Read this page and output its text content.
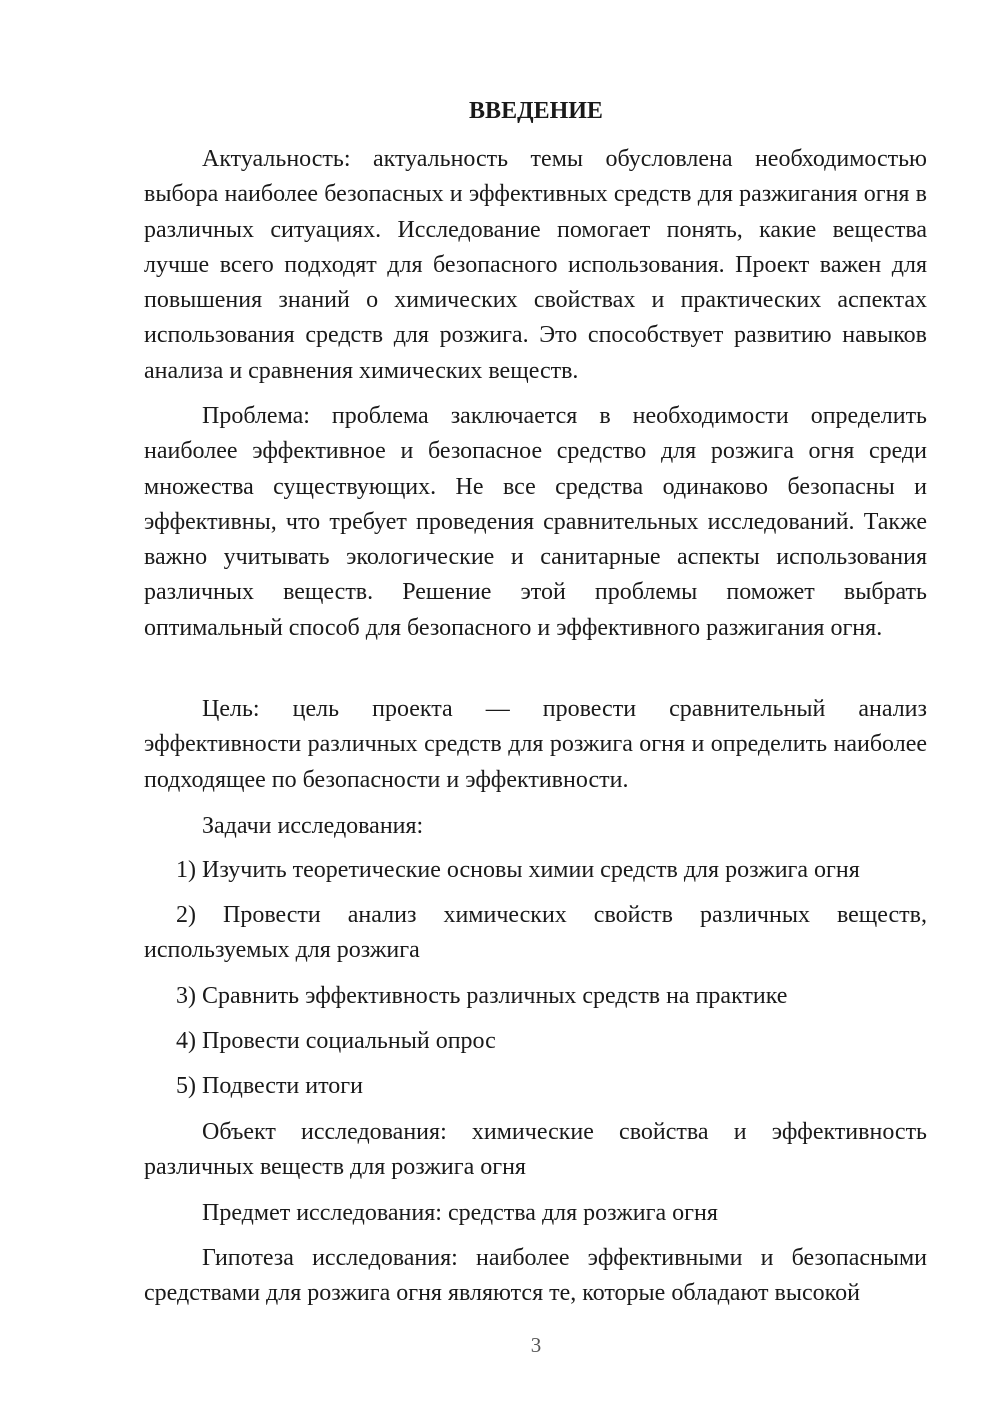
ВВЕДЕНИЕ

Актуальность: актуальность темы обусловлена необходимостью выбора наиболее безопасных и эффективных средств для разжигания огня в различных ситуациях. Исследование помогает понять, какие вещества лучше всего подходят для безопасного использования. Проект важен для повышения знаний о химических свойствах и практических аспектах использования средств для розжига. Это способствует развитию навыков анализа и сравнения химических веществ.

Проблема: проблема заключается в необходимости определить наиболее эффективное и безопасное средство для розжига огня среди множества существующих. Не все средства одинаково безопасны и эффективны, что требует проведения сравнительных исследований. Также важно учитывать экологические и санитарные аспекты использования различных веществ. Решение этой проблемы поможет выбрать оптимальный способ для безопасного и эффективного разжигания огня.

Цель: цель проекта — провести сравнительный анализ эффективности различных средств для розжига огня и определить наиболее подходящее по безопасности и эффективности.

Задачи исследования:

1) Изучить теоретические основы химии средств для розжига огня

2) Провести анализ химических свойств различных веществ, используемых для розжига

3) Сравнить эффективность различных средств на практике

4) Провести социальный опрос

5) Подвести итоги

Объект исследования: химические свойства и эффективность различных веществ для розжига огня

Предмет исследования: средства для розжига огня

Гипотеза исследования: наиболее эффективными и безопасными средствами для розжига огня являются те, которые обладают высокой

3
